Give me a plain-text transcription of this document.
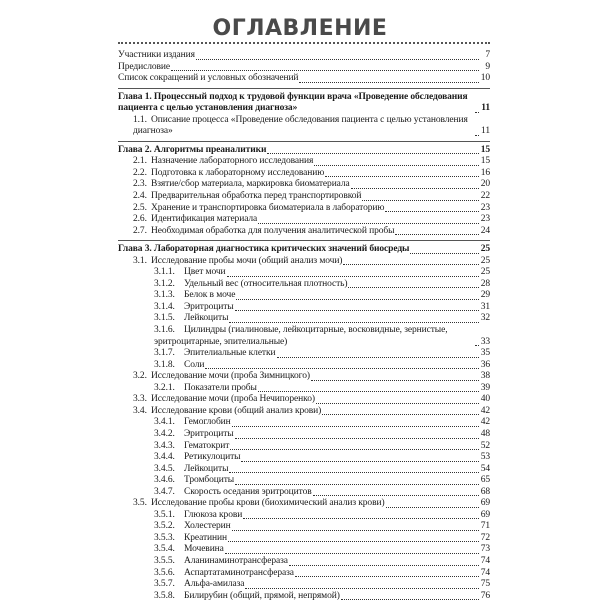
ОГЛАВЛЕНИЕ
Участники издания	7
Предисловие	9
Список сокращений и условных обозначений	10
Глава 1. Процессный подход к трудовой функции врача «Проведение обследования пациента с целью установления диагноза»	11
1.1. Описание процесса «Проведение обследования пациента с целью установления диагноза»	11
Глава 2. Алгоритмы преаналитики	15
2.1. Назначение лабораторного исследования	15
2.2. Подготовка к лабораторному исследованию	16
2.3. Взятие/сбор материала, маркировка биоматериала	20
2.4. Предварительная обработка перед транспортировкой	22
2.5. Хранение и транспортировка биоматериала в лабораторию	23
2.6. Идентификация материала	23
2.7. Необходимая обработка для получения аналитической пробы	24
Глава 3. Лабораторная диагностика критических значений биосреды	25
3.1. Исследование пробы мочи (общий анализ мочи)	25
3.1.1. Цвет мочи	25
3.1.2. Удельный вес (относительная плотность)	28
3.1.3. Белок в моче	29
3.1.4. Эритроциты	31
3.1.5. Лейкоциты	32
3.1.6. Цилиндры (гиалиновые, лейкоцитарные, восковидные, зернистые, эритроцитарные, эпителиальные)	33
3.1.7. Эпителиальные клетки	35
3.1.8. Соли	36
3.2. Исследование мочи (проба Зимницкого)	38
3.2.1. Показатели пробы	39
3.3. Исследование мочи (проба Нечипоренко)	40
3.4. Исследование крови (общий анализ крови)	42
3.4.1. Гемоглобин	42
3.4.2. Эритроциты	48
3.4.3. Гематокрит	52
3.4.4. Ретикулоциты	53
3.4.5. Лейкоциты	54
3.4.6. Тромбоциты	65
3.4.7. Скорость оседания эритроцитов	68
3.5. Исследование пробы крови (биохимический анализ крови)	69
3.5.1. Глюкоза крови	69
3.5.2. Холестерин	71
3.5.3. Креатинин	72
3.5.4. Мочевина	73
3.5.5. Аланинаминотрансфераза	74
3.5.6. Аспартатаминотрансфераза	74
3.5.7. Альфа-амилаза	75
3.5.8. Билирубин (общий, прямой, непрямой)	76
